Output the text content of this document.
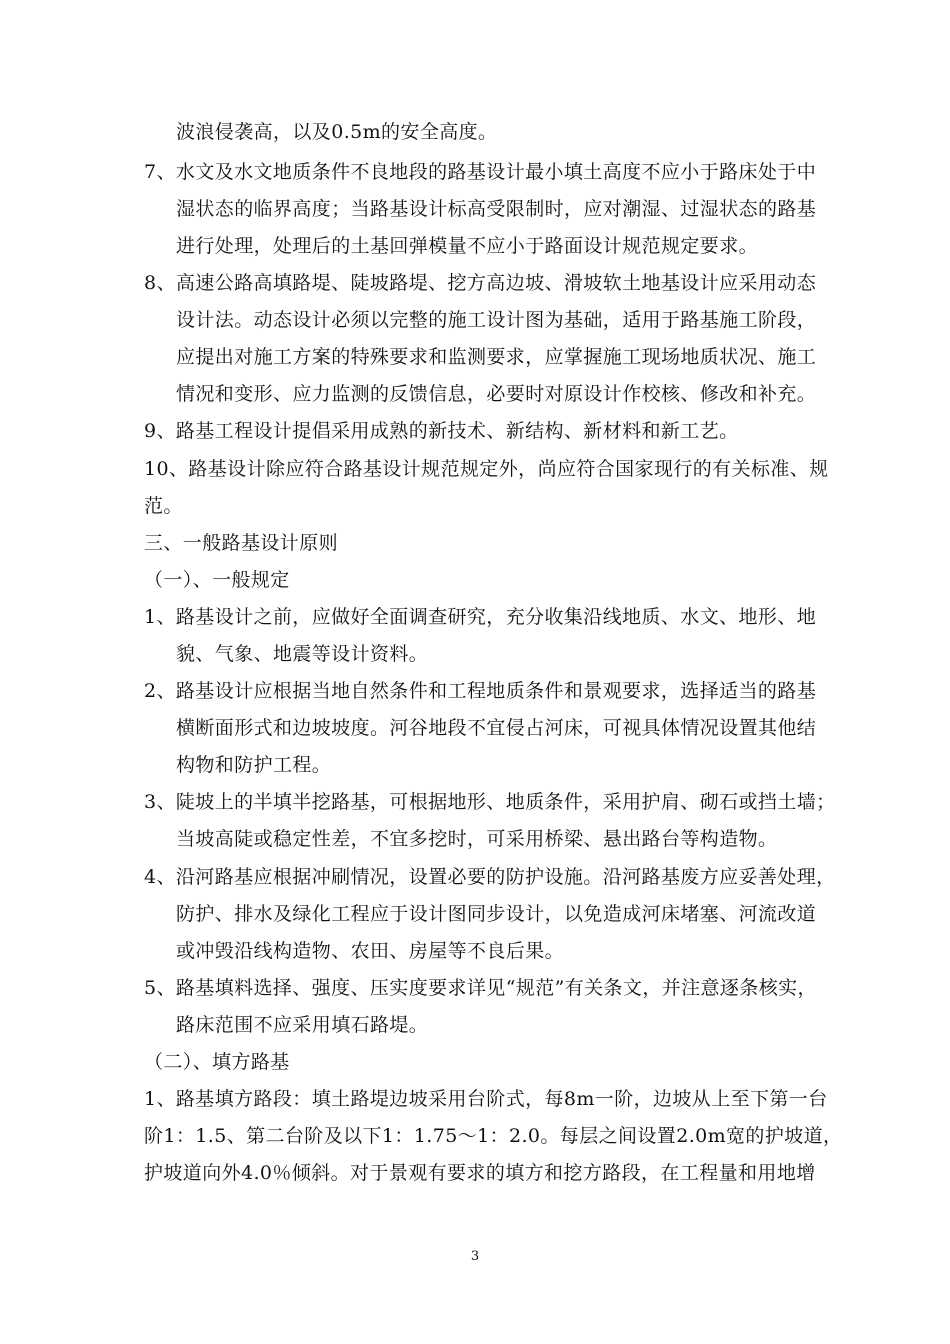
波浪侵袭高，以及0.5m的安全高度。
7、水文及水文地质条件不良地段的路基设计最小填土高度不应小于路床处于中
湿状态的临界高度；当路基设计标高受限制时，应对潮湿、过湿状态的路基
进行处理，处理后的土基回弹模量不应小于路面设计规范规定要求。
8、高速公路高填路堤、陡坡路堤、挖方高边坡、滑坡软土地基设计应采用动态
设计法。动态设计必须以完整的施工设计图为基础，适用于路基施工阶段，
应提出对施工方案的特殊要求和监测要求，应掌握施工现场地质状况、施工
情况和变形、应力监测的反馈信息，必要时对原设计作校核、修改和补充。
9、路基工程设计提倡采用成熟的新技术、新结构、新材料和新工艺。
10、路基设计除应符合路基设计规范规定外，尚应符合国家现行的有关标准、规
范。
三、一般路基设计原则
（一）、一般规定
1、路基设计之前，应做好全面调查研究，充分收集沿线地质、水文、地形、地
貌、气象、地震等设计资料。
2、路基设计应根据当地自然条件和工程地质条件和景观要求，选择适当的路基
横断面形式和边坡坡度。河谷地段不宜侵占河床，可视具体情况设置其他结
构物和防护工程。
3、陡坡上的半填半挖路基，可根据地形、地质条件，采用护肩、砌石或挡土墙；
当坡高陡或稳定性差，不宜多挖时，可采用桥梁、悬出路台等构造物。
4、沿河路基应根据冲刷情况，设置必要的防护设施。沿河路基废方应妥善处理，
防护、排水及绿化工程应于设计图同步设计，以免造成河床堵塞、河流改道
或冲毁沿线构造物、农田、房屋等不良后果。
5、路基填料选择、强度、压实度要求详见“规范”有关条文，并注意逐条核实，
路床范围不应采用填石路堤。
（二）、填方路基
1、路基填方路段：填土路堤边坡采用台阶式，每8m一阶，边坡从上至下第一台
阶1：1.5、第二台阶及以下1：1.75～1：2.0。每层之间设置2.0m宽的护坡道，
护坡道向外4.0％倾斜。对于景观有要求的填方和挖方路段，在工程量和用地增
3
